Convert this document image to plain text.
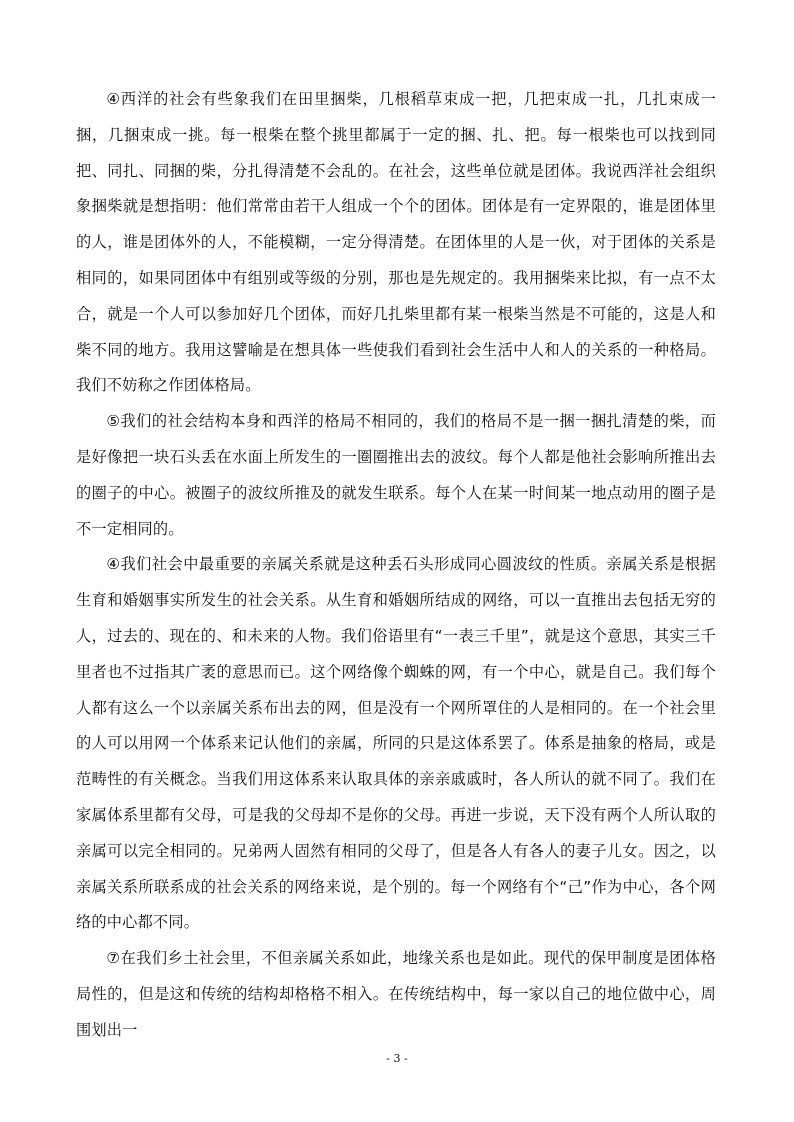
④西洋的社会有些象我们在田里捆柴，几根稻草束成一把，几把束成一扎，几扎束成一捆，几捆束成一挑。每一根柴在整个挑里都属于一定的捆、扎、把。每一根柴也可以找到同把、同扎、同捆的柴，分扎得清楚不会乱的。在社会，这些单位就是团体。我说西洋社会组织象捆柴就是想指明：他们常常由若干人组成一个个的团体。团体是有一定界限的，谁是团体里的人，谁是团体外的人，不能模糊，一定分得清楚。在团体里的人是一伙，对于团体的关系是相同的，如果同团体中有组别或等级的分别，那也是先规定的。我用捆柴来比拟，有一点不太合，就是一个人可以参加好几个团体，而好几扎柴里都有某一根柴当然是不可能的，这是人和柴不同的地方。我用这譬喻是在想具体一些使我们看到社会生活中人和人的关系的一种格局。我们不妨称之作团体格局。

⑤我们的社会结构本身和西洋的格局不相同的，我们的格局不是一捆一捆扎清楚的柴，而是好像把一块石头丢在水面上所发生的一圈圈推出去的波纹。每个人都是他社会影响所推出去的圈子的中心。被圈子的波纹所推及的就发生联系。每个人在某一时间某一地点动用的圈子是不一定相同的。

④我们社会中最重要的亲属关系就是这种丢石头形成同心圆波纹的性质。亲属关系是根据生育和婚姻事实所发生的社会关系。从生育和婚姻所结成的网络，可以一直推出去包括无穷的人，过去的、现在的、和未来的人物。我们俗语里有“一表三千里”，就是这个意思，其实三千里者也不过指其广袤的意思而已。这个网络像个蜘蛛的网，有一个中心，就是自己。我们每个人都有这么一个以亲属关系布出去的网，但是没有一个网所罩住的人是相同的。在一个社会里的人可以用网一个体系来记认他们的亲属，所同的只是这体系罢了。体系是抽象的格局，或是范畴性的有关概念。当我们用这体系来认取具体的亲亲戚戚时，各人所认的就不同了。我们在家属体系里都有父母，可是我的父母却不是你的父母。再进一步说，天下没有两个人所认取的亲属可以完全相同的。兄弟两人固然有相同的父母了，但是各人有各人的妻子儿女。因之，以亲属关系所联系成的社会关系的网络来说，是个别的。每一个网络有个“己”作为中心，各个网络的中心都不同。

⑦在我们乡土社会里，不但亲属关系如此，地缘关系也是如此。现代的保甲制度是团体格局性的，但是这和传统的结构却格格不相入。在传统结构中，每一家以自己的地位做中心，周围划出一

- 3 -
